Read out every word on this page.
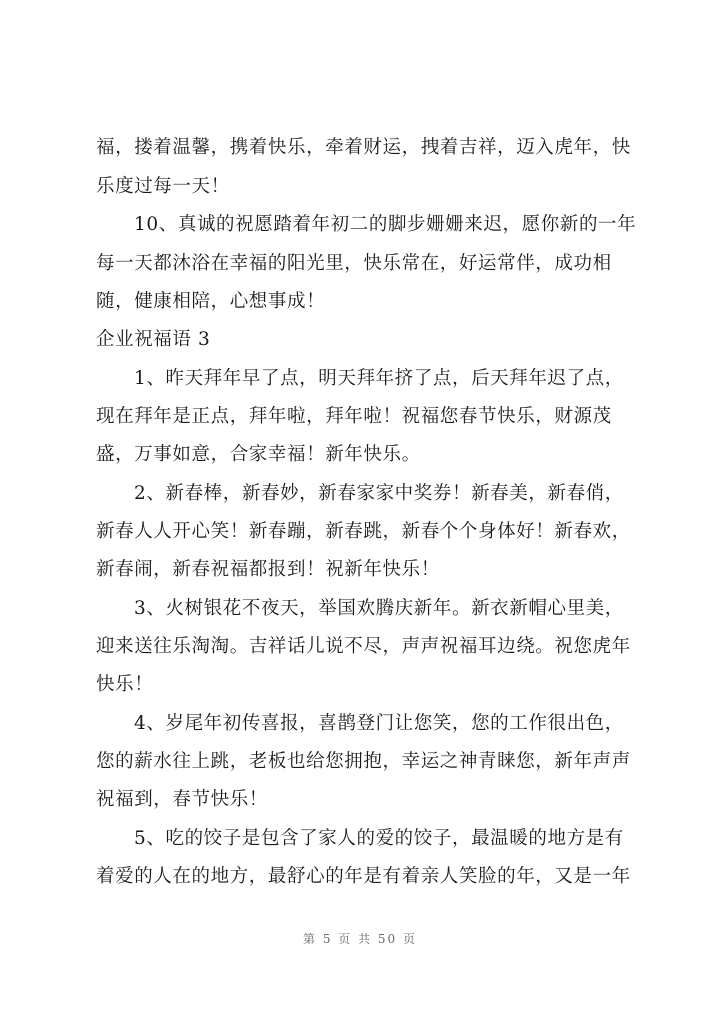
福，搂着温馨，携着快乐，牵着财运，拽着吉祥，迈入虎年，快
乐度过每一天！
10、真诚的祝愿踏着年初二的脚步姗姗来迟，愿你新的一年
每一天都沐浴在幸福的阳光里，快乐常在，好运常伴，成功相
随，健康相陪，心想事成！
企业祝福语 3
1、昨天拜年早了点，明天拜年挤了点，后天拜年迟了点，
现在拜年是正点，拜年啦，拜年啦！祝福您春节快乐，财源茂
盛，万事如意，合家幸福！新年快乐。
2、新春棒，新春妙，新春家家中奖券！新春美，新春俏，
新春人人开心笑！新春蹦，新春跳，新春个个身体好！新春欢，
新春闹，新春祝福都报到！祝新年快乐！
3、火树银花不夜天，举国欢腾庆新年。新衣新帽心里美，
迎来送往乐淘淘。吉祥话儿说不尽，声声祝福耳边绕。祝您虎年
快乐！
4、岁尾年初传喜报，喜鹊登门让您笑，您的工作很出色，
您的薪水往上跳，老板也给您拥抱，幸运之神青睐您，新年声声
祝福到，春节快乐！
5、吃的饺子是包含了家人的爱的饺子，最温暖的地方是有
着爱的人在的地方，最舒心的年是有着亲人笑脸的年，又是一年
第 5 页 共 50 页
